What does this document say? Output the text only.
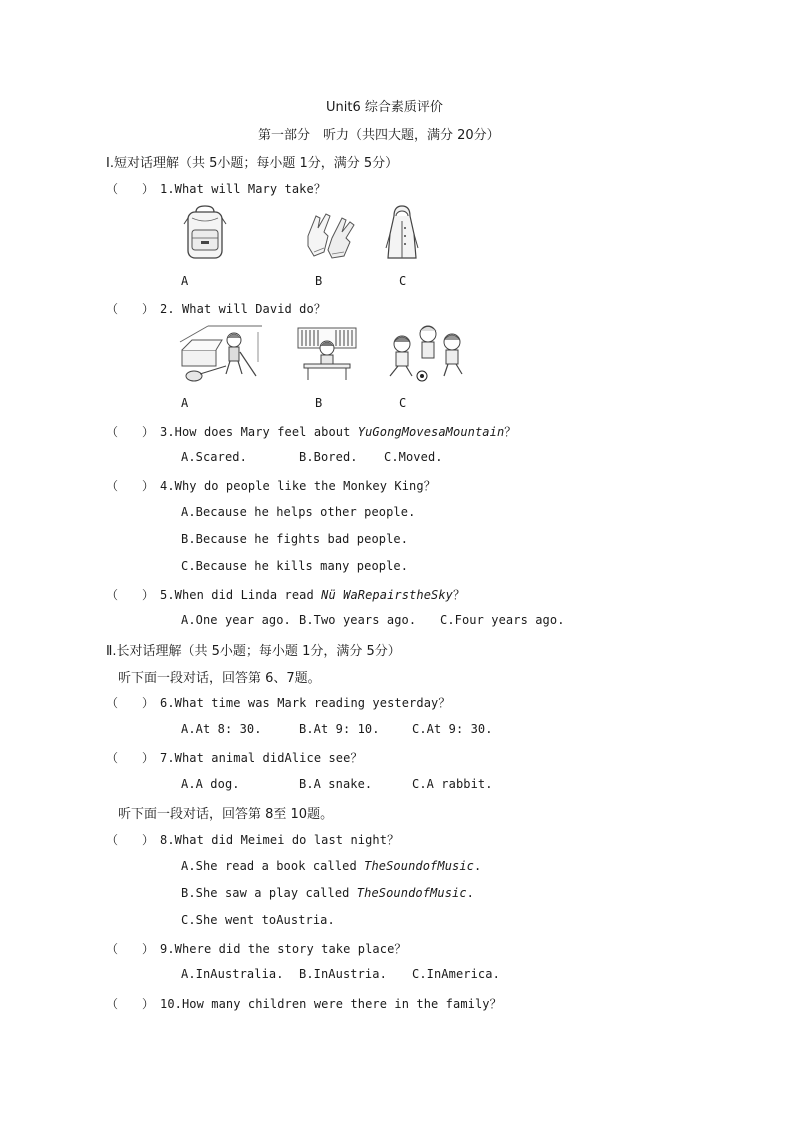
Unit6 综合素质评价
第一部分　听力（共四大题，满分 20分）
Ⅰ.短对话理解（共 5小题；每小题 1分，满分 5分）
（　　） 1.What will Mary take？
A	B	C
（　　） 2. What will David do？
A	B	C
（　　） 3.How does Mary feel about YuGongMovesaMountain？
A.Scared.	B.Bored. C.Moved.
（　　） 4.Why do people like the Monkey King？
A.Because he helps other people.
B.Because he fights bad people.
C.Because he kills many people.
（　　） 5.When did Linda read Nü WaRepairstheSky？
A.One year ago. B.Two years ago. C.Four years ago.
Ⅱ.长对话理解（共 5小题；每小题 1分，满分 5分）
听下面一段对话，回答第 6、7题。
（　　） 6.What time was Mark reading yesterday？
A.At 8: 30.	B.At 9: 10.	C.At 9: 30.
（　　） 7.What animal didAlice see？
A.A dog.	B.A snake.	C.A rabbit.
听下面一段对话，回答第 8至 10题。
（　　） 8.What did Meimei do last night？
A.She read a book called TheSoundofMusic.
B.She saw a play called TheSoundofMusic.
C.She went toAustria.
（　　） 9.Where did the story take place？
A.InAustralia. B.InAustria. C.InAmerica.
（　　） 10.How many children were there in the family？
